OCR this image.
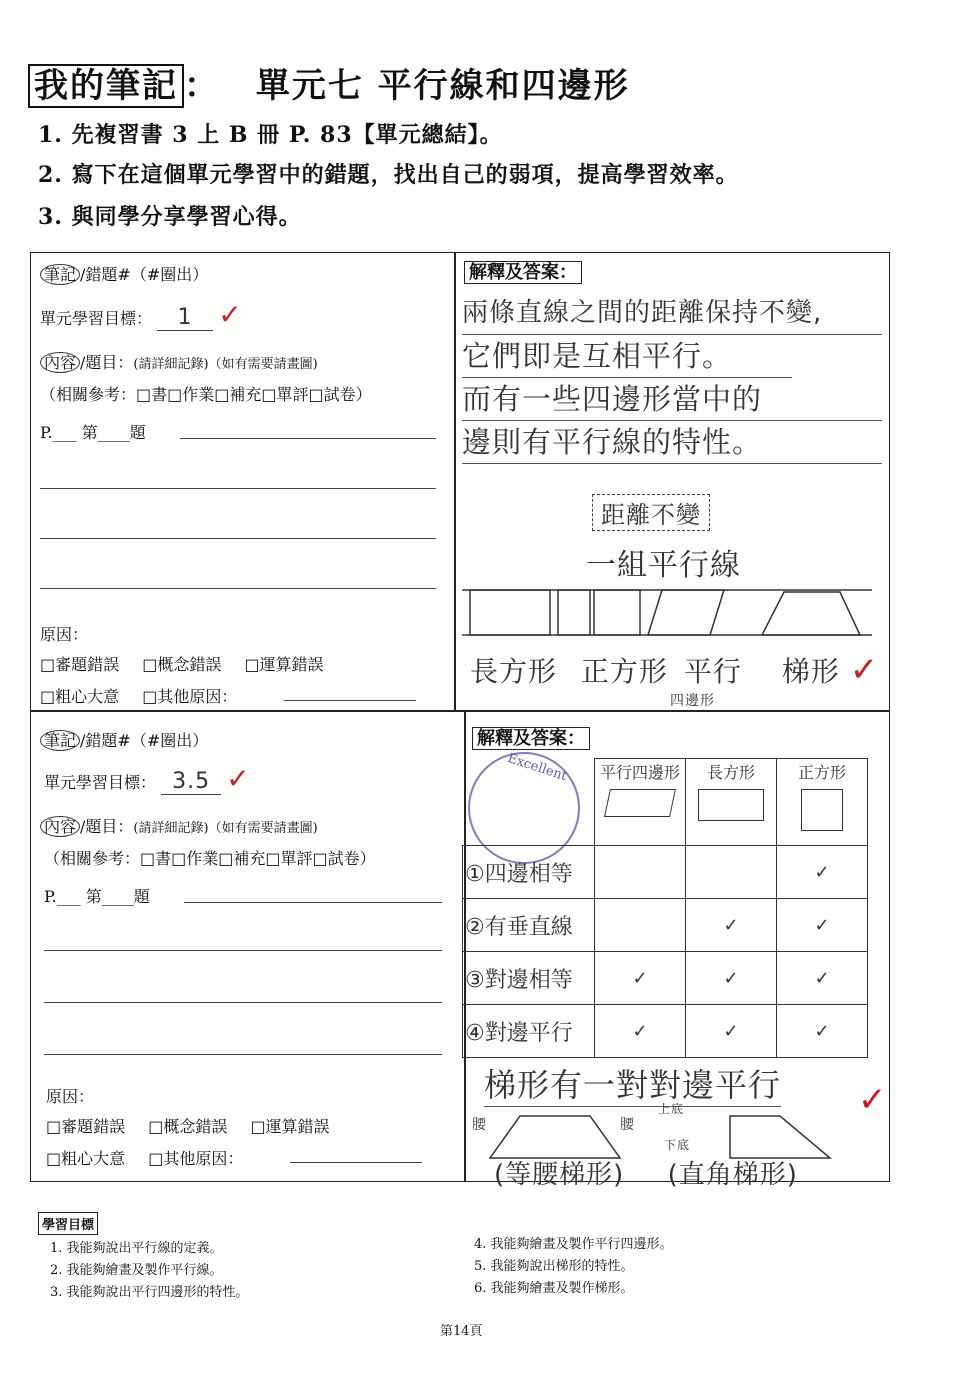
我的筆記 ： 單元七 平行線和四邊形
1. 先複習書 3 上 B 冊 P. 83【單元總結】。
2. 寫下在這個單元學習中的錯題，找出自己的弱項，提高學習效率。
3. 與同學分享學習心得。
筆記 /錯題#（#圈出）
單元學習目標： 1 ✓
內容 /題目：(請詳細記錄)（如有需要請畫圖)
（相關參考：□書□作業□補充□單評□試卷）
P.___ 第____題
原因：
□審題錯誤 □概念錯誤 □運算錯誤
□粗心大意 □其他原因：
解釋及答案：
兩條直線之間的距離保持不變,
它們即是互相平行。
而有一些四邊形當中的
邊則有平行線的特性。
距離不變
一組平行線
長方形 正方形 平行 梯形 ✓
四邊形
筆記 /錯題#（#圈出）
單元學習目標： 3.5 ✓
內容 /題目：(請詳細記錄)（如有需要請畫圖)
（相關參考：□書□作業□補充□單評□試卷）
P.___ 第____題
原因：
□審題錯誤 □概念錯誤 □運算錯誤
□粗心大意 □其他原因：
解釋及答案：
Excellent

	平行四邊形	長方形	正方形

①四邊相等			✓
②有垂直線		✓	✓
③對邊相等	✓	✓	✓
④對邊平行	✓	✓	✓
梯形有一對對邊平行 ✓
腰	腰
上底
下底
(等腰梯形) (直角梯形)
學習目標
1. 我能夠說出平行線的定義。
2. 我能夠繪畫及製作平行線。
3. 我能夠說出平行四邊形的特性。
4. 我能夠繪畫及製作平行四邊形。
5. 我能夠說出梯形的特性。
6. 我能夠繪畫及製作梯形。
第14頁
